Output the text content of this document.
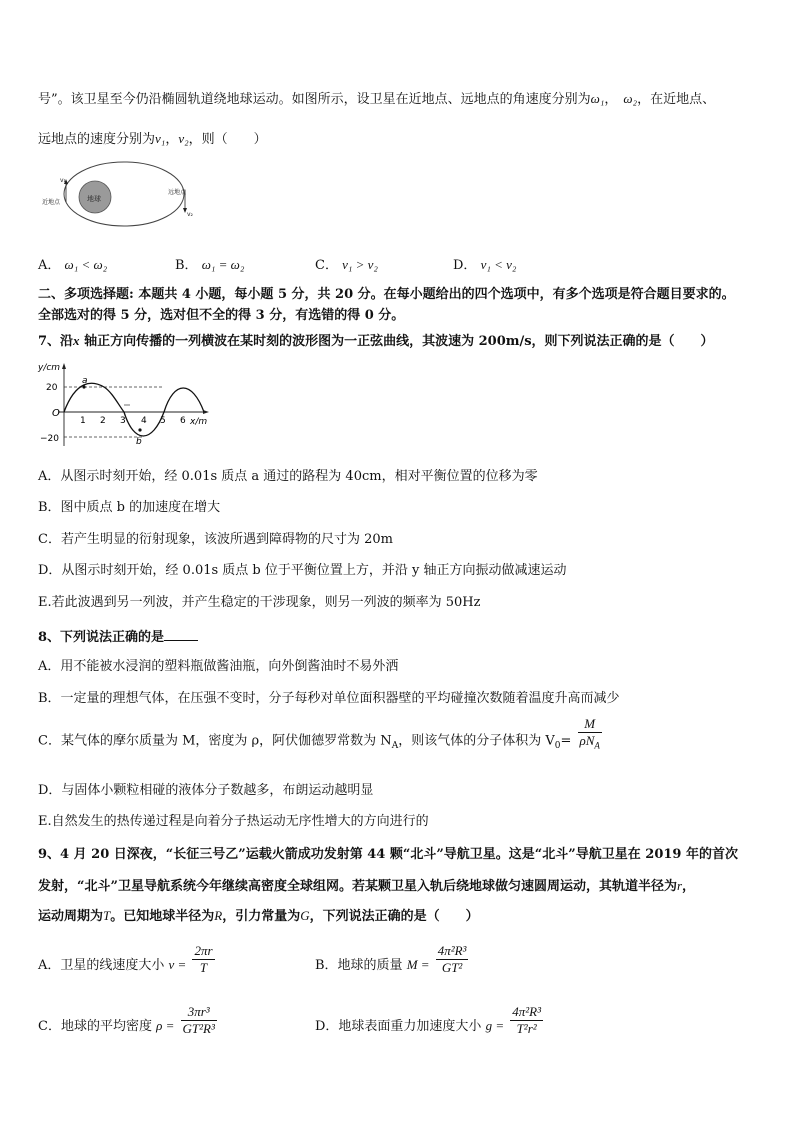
号”。该卫星至今仍沿椭圆轨道绕地球运动。如图所示，设卫星在近地点、远地点的角速度分别为ω₁， ω₂，在近地点、
远地点的速度分别为v₁，v₂，则（　　）
地球
近地点
远地点
v₁
v₂
A． ω₁ < ω₂	B． ω₁ = ω₂	C． v₁ > v₂	D． v₁ < v₂
二、多项选择题: 本题共 4 小题，每小题 5 分，共 20 分。在每小题给出的四个选项中，有多个选项是符合题目要求的。
全部选对的得 5 分，选对但不全的得 3 分，有选错的得 0 分。
7、沿x 轴正方向传播的一列横波在某时刻的波形图为一正弦曲线，其波速为 200m/s，则下列说法正确的是（　　）
y/cm
x/m
O
20
−20
1 2 3 4 5 6
a
b
A．从图示时刻开始，经 0.01s 质点 a 通过的路程为 40cm，相对平衡位置的位移为零
B．图中质点 b 的加速度在增大
C．若产生明显的衍射现象，该波所遇到障碍物的尺寸为 20m
D．从图示时刻开始，经 0.01s 质点 b 位于平衡位置上方，并沿 y 轴正方向振动做减速运动
E.若此波遇到另一列波，并产生稳定的干涉现象，则另一列波的频率为 50Hz
8、下列说法正确的是
A．用不能被水浸润的塑料瓶做酱油瓶，向外倒酱油时不易外洒
B．一定量的理想气体，在压强不变时，分子每秒对单位面积器壁的平均碰撞次数随着温度升高而减少
C．某气体的摩尔质量为 M，密度为 ρ，阿伏伽德罗常数为 $N_A$，则该气体的分子体积为 $V_0= \frac{M}{\rho N_A}$
D．与固体小颗粒相碰的液体分子数越多，布朗运动越明显
E.自然发生的热传递过程是向着分子热运动无序性增大的方向进行的
9、4 月 20 日深夜，“长征三号乙”运载火箭成功发射第 44 颗“北斗”导航卫星。这是“北斗”导航卫星在 2019 年的首次
发射，“北斗”卫星导航系统今年继续高密度全球组网。若某颗卫星入轨后绕地球做匀速圆周运动，其轨道半径为r，
运动周期为T。已知地球半径为R，引力常量为G，下列说法正确的是（　　）
A．卫星的线速度大小 $v = \frac{2\pi r}{T}$	B．地球的质量 $M = \frac{\text{4π²R³}}{\text{GT²}}$
C．地球的平均密度 $\rho = \frac{\text{3πr³}}{\text{GT²R³}}$	D．地球表面重力加速度大小 $g = \frac{\text{4π²R³}}{\text{T²r²}}$
